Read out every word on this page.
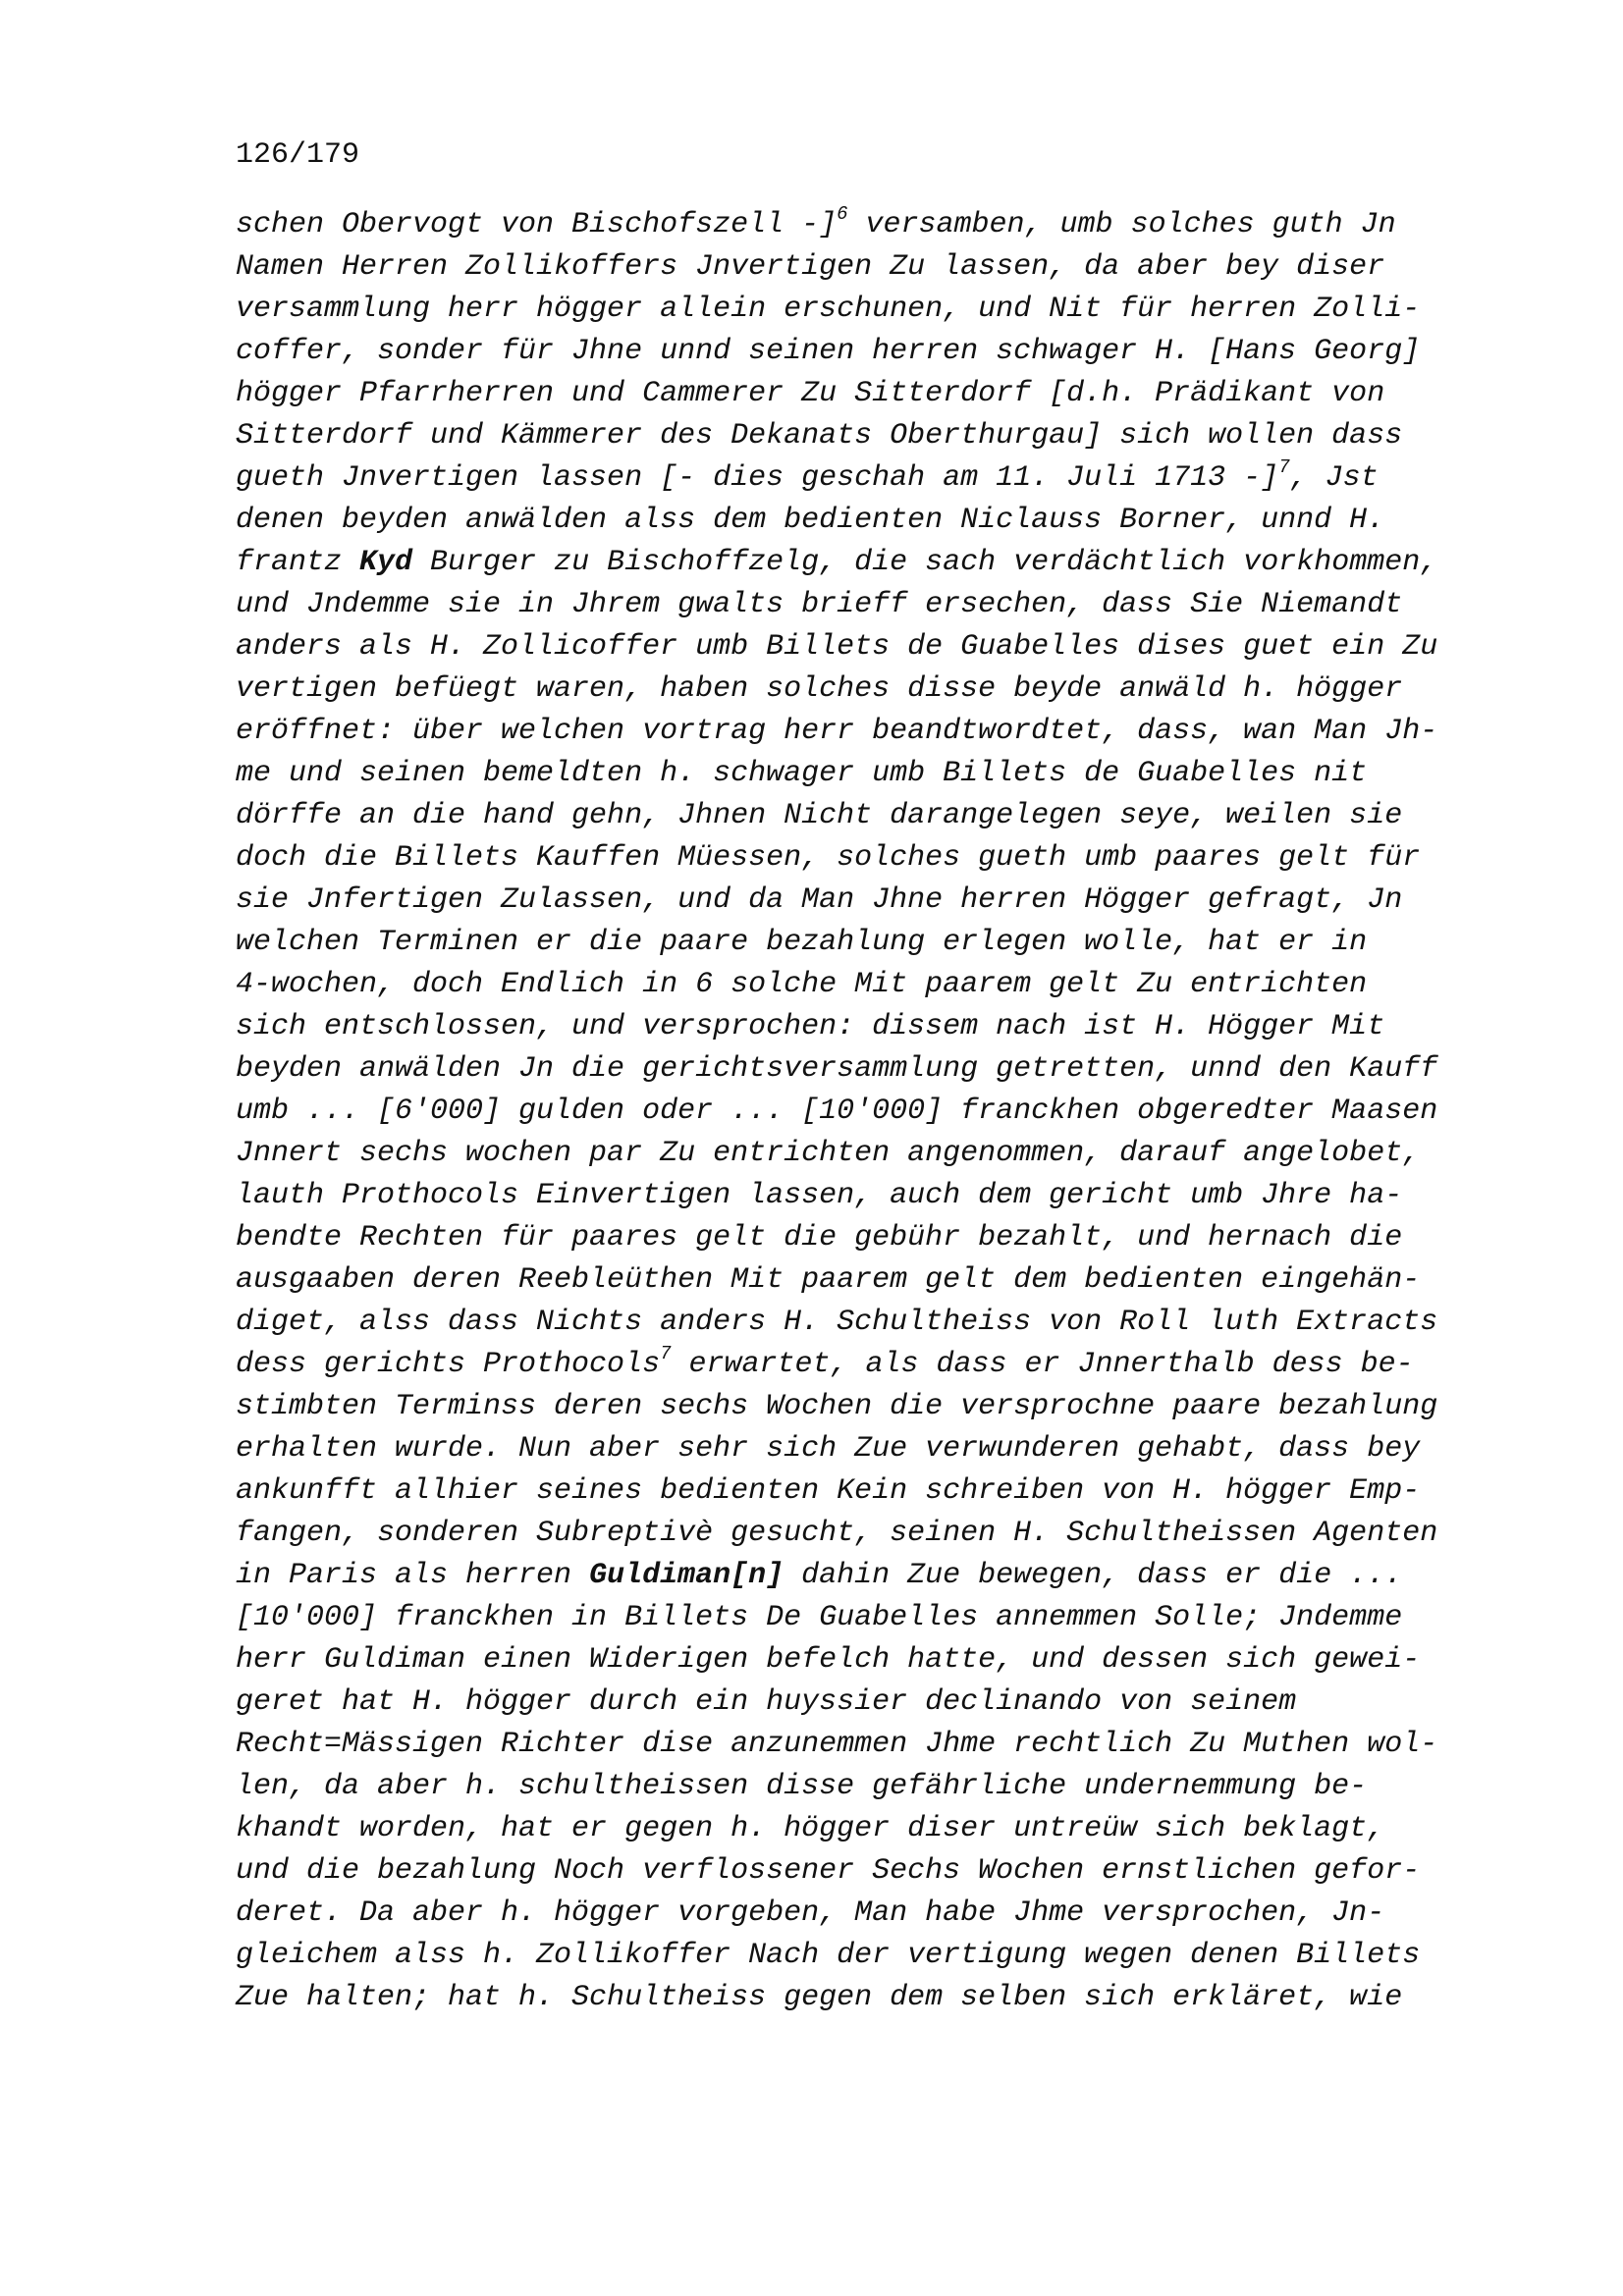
126/179
schen Obervogt von Bischofszell -]$^6$ versamben, umb solches guth Jn
Namen Herren Zollikoffers Jnvertigen Zu lassen, da aber bey diser
versammlung herr högger allein erschunen, und Nit für herren Zolli-
coffer, sonder für Jhne unnd seinen herren schwager H. [Hans Georg]
högger Pfarrherren und Cammerer Zu Sitterdorf [d.h. Prädikant von
Sitterdorf und Kämmerer des Dekanats Oberthurgau] sich wollen dass
gueth Jnvertigen lassen [- dies geschah am 11. Juli 1713 -]$^7$, Jst
denen beyden anwälden alss dem bedienten Niclauss Borner, unnd H.
frantz Kyd Burger zu Bischoffzelg, die sach verdächtlich vorkhommen,
und Jndemme sie in Jhrem gwalts brieff ersechen, dass Sie Niemandt
anders als H. Zollicoffer umb Billets de Guabelles dises guet ein Zu
vertigen befüegt waren, haben solches disse beyde anwäld h. högger
eröffnet: über welchen vortrag herr beandtwordtet, dass, wan Man Jh-
me und seinen bemeldten h. schwager umb Billets de Guabelles nit
dörffe an die hand gehn, Jhnen Nicht darangelegen seye, weilen sie
doch die Billets Kauffen Müessen, solches gueth umb paares gelt für
sie Jnfertigen Zulassen, und da Man Jhne herren Högger gefragt, Jn
welchen Terminen er die paare bezahlung erlegen wolle, hat er in
4-wochen, doch Endlich in 6 solche Mit paarem gelt Zu entrichten
sich entschlossen, und versprochen: dissem nach ist H. Högger Mit
beyden anwälden Jn die gerichtsversammlung getretten, unnd den Kauff
umb ... [6'000] gulden oder ... [10'000] franckhen obgeredter Maasen
Jnnert sechs wochen par Zu entrichten angenommen, darauf angelobet,
lauth Prothocols Einvertigen lassen, auch dem gericht umb Jhre ha-
bendte Rechten für paares gelt die gebühr bezahlt, und hernach die
ausgaaben deren Reebleüthen Mit paarem gelt dem bedienten eingehän-
diget, alss dass Nichts anders H. Schultheiss von Roll luth Extracts
dess gerichts Prothocols$^7$ erwartet, als dass er Jnnerthalb dess be-
stimbten Terminss deren sechs Wochen die versprochne paare bezahlung
erhalten wurde. Nun aber sehr sich Zue verwunderen gehabt, dass bey
ankunfft allhier seines bedienten Kein schreiben von H. högger Emp-
fangen, sonderen Subreptivè gesucht, seinen H. Schultheissen Agenten
in Paris als herren Guldiman[n] dahin Zue bewegen, dass er die ...
[10'000] franckhen in Billets De Guabelles annemmen Solle; Jndemme
herr Guldiman einen Widerigen befelch hatte, und dessen sich gewei-
geret hat H. högger durch ein huyssier declinando von seinem
Recht=Mässigen Richter dise anzunemmen Jhme rechtlich Zu Muthen wol-
len, da aber h. schultheissen disse gefährliche undernemmung be-
khandt worden, hat er gegen h. högger diser untreüw sich beklagt,
und die bezahlung Noch verflossener Sechs Wochen ernstlichen gefor-
deret. Da aber h. högger vorgeben, Man habe Jhme versprochen, Jn-
gleichem alss h. Zollikoffer Nach der vertigung wegen denen Billets
Zue halten; hat h. Schultheiss gegen dem selben sich erkläret, wie
